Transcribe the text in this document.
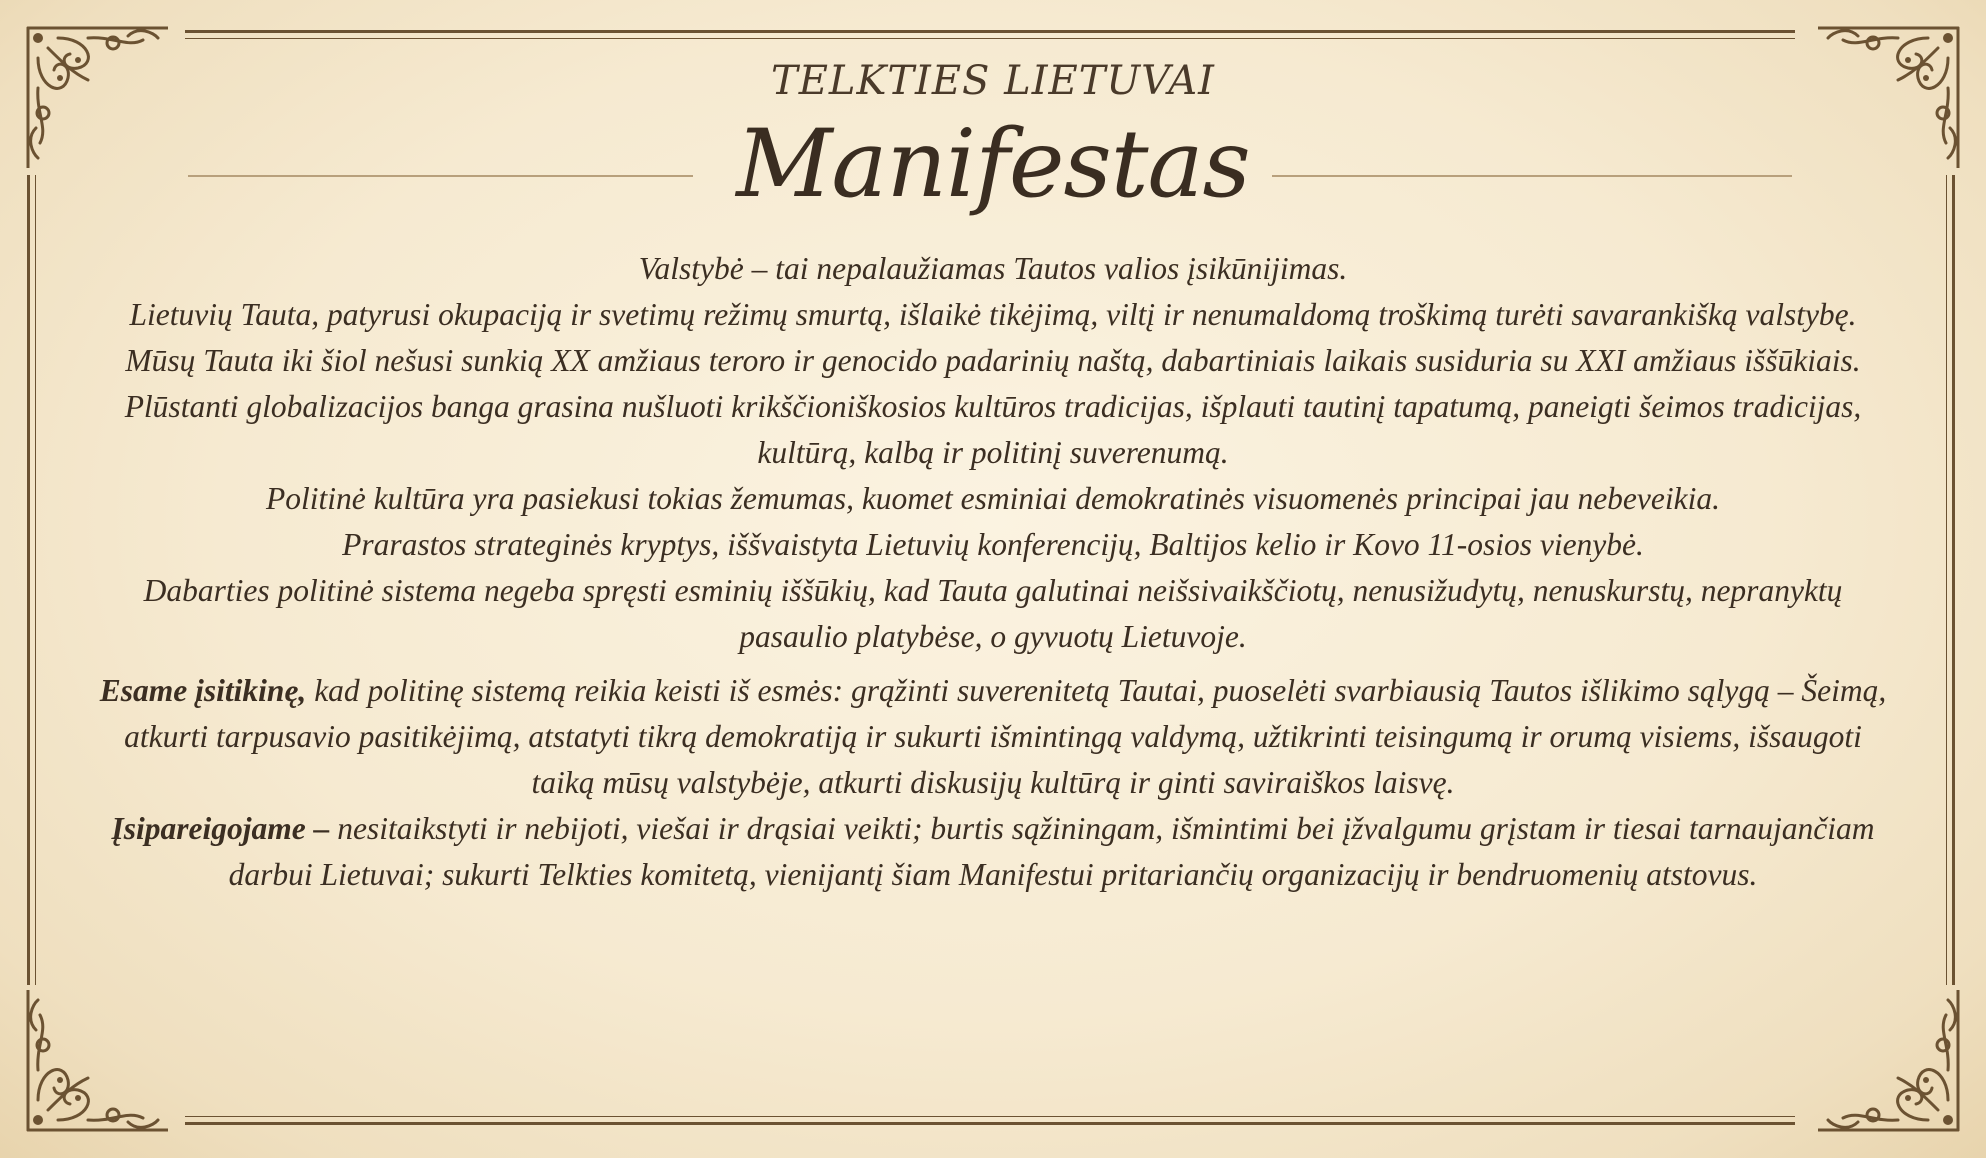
TELKTIES LIETUVAI
Manifestas

Valstybė – tai nepalaužiamas Tautos valios įsikūnijimas.

Lietuvių Tauta, patyrusi okupaciją ir svetimų režimų smurtą, išlaikė tikėjimą, viltį ir nenumaldomą troškimą turėti savarankišką valstybę.

Mūsų Tauta iki šiol nešusi sunkią XX amžiaus teroro ir genocido padarinių naštą, dabartiniais laikais susiduria su XXI amžiaus iššūkiais.

Plūstanti globalizacijos banga grasina nušluoti krikščioniškosios kultūros tradicijas, išplauti tautinį tapatumą, paneigti šeimos tradicijas, kultūrą, kalbą ir politinį suverenumą.

Politinė kultūra yra pasiekusi tokias žemumas, kuomet esminiai demokratinės visuomenės principai jau nebeveikia.

Prarastos strateginės kryptys, iššvaistyta Lietuvių konferencijų, Baltijos kelio ir Kovo 11-osios vienybė.

Dabarties politinė sistema negeba spręsti esminių iššūkių, kad Tauta galutinai neišsivaikščiotų, nenusižudytų, nenuskurstų, nepranyktų pasaulio platybėse, o gyvuotų Lietuvoje.

Esame įsitikinę, kad politinę sistemą reikia keisti iš esmės: grąžinti suverenitetą Tautai, puoselėti svarbiausią Tautos išlikimo sąlygą – Šeimą, atkurti tarpusavio pasitikėjimą, atstatyti tikrą demokratiją ir sukurti išmintingą valdymą, užtikrinti teisingumą ir orumą visiems, išsaugoti taiką mūsų valstybėje, atkurti diskusijų kultūrą ir ginti saviraiškos laisvę.

Įsipareigojame – nesitaikstyti ir nebijoti, viešai ir drąsiai veikti; burtis sąžiningam, išmintimi bei įžvalgumu grįstam ir tiesai tarnaujančiam darbui Lietuvai; sukurti Telkties komitetą, vienijantį šiam Manifestui pritariančių organizacijų ir bendruomenių atstovus.
